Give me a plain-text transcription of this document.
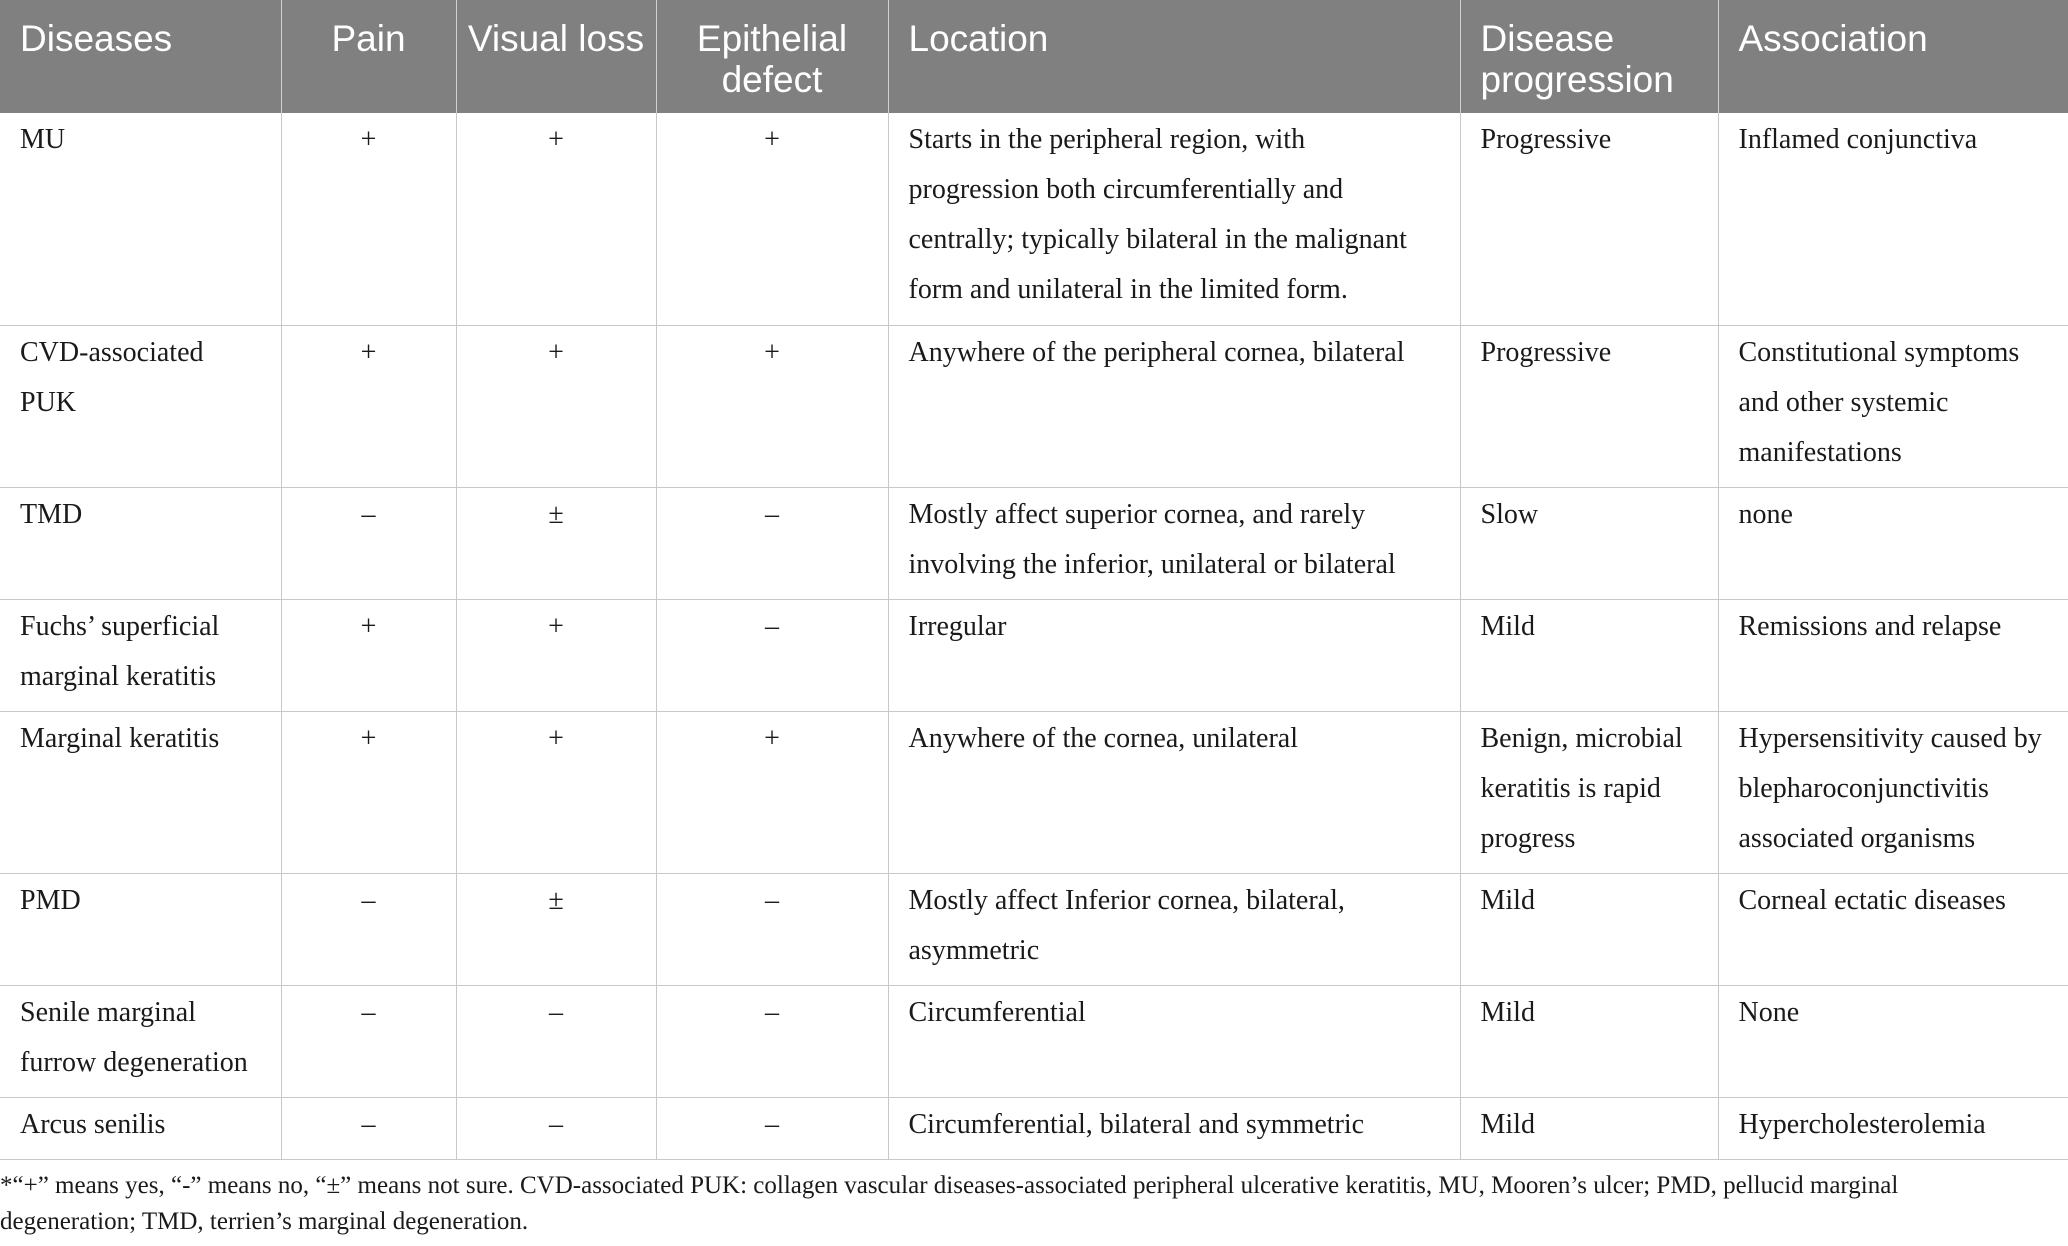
Diseases	Pain	Visual loss	Epithelial defect	Location	Disease progression	Association
MU	+	+	+	Starts in the peripheral region, with progression both circumferentially and centrally; typically bilateral in the malignant form and unilateral in the limited form.	Progressive	Inflamed conjunctiva
CVD-associated PUK	+	+	+	Anywhere of the peripheral cornea, bilateral	Progressive	Constitutional symptoms and other systemic manifestations
TMD	–	±	–	Mostly affect superior cornea, and rarely involving the inferior, unilateral or bilateral	Slow	none
Fuchs’ superficial marginal keratitis	+	+	–	Irregular	Mild	Remissions and relapse
Marginal keratitis	+	+	+	Anywhere of the cornea, unilateral	Benign, microbial keratitis is rapid progress	Hypersensitivity caused by blepharoconjunctivitis associated organisms
PMD	–	±	–	Mostly affect Inferior cornea, bilateral, asymmetric	Mild	Corneal ectatic diseases
Senile marginal furrow degeneration	–	–	–	Circumferential	Mild	None
Arcus senilis	–	–	–	Circumferential, bilateral and symmetric	Mild	Hypercholesterolemia
*“+” means yes, “-” means no, “±” means not sure. CVD-associated PUK: collagen vascular diseases-associated peripheral ulcerative keratitis, MU, Mooren’s ulcer; PMD, pellucid marginal degeneration; TMD, terrien’s marginal degeneration.
